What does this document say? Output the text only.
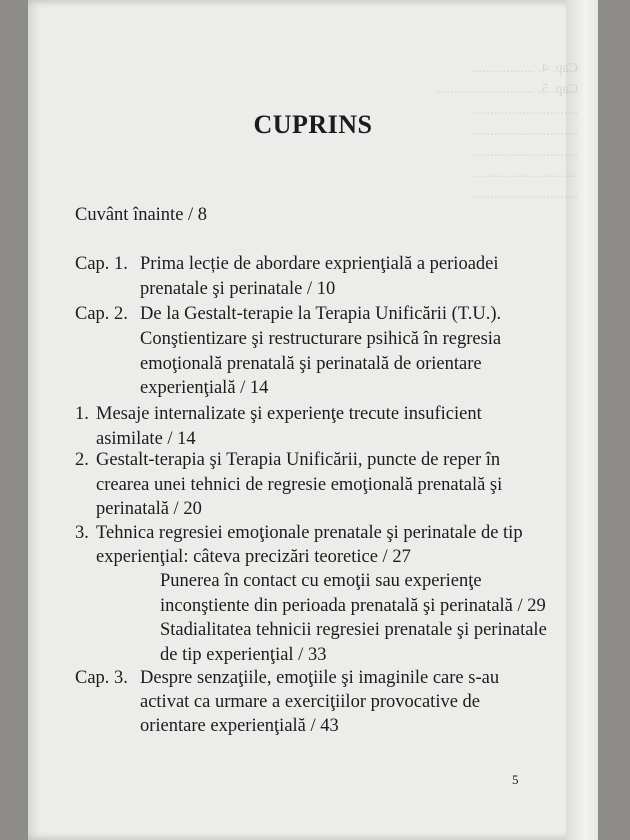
Cap. 4. ..................
Cap. 5. ............................
..............................
..............................
..............................
..............................
..............................
CUPRINS
Cuvânt înainte / 8
Cap. 1. Prima lecție de abordare exprienţială a perioadei
prenatale şi perinatale / 10
Cap. 2. De la Gestalt-terapie la Terapia Unificării (T.U.).
Conştientizare şi restructurare psihică în regresia
emoţională prenatală şi perinatală de orientare
experienţială / 14
1. Mesaje internalizate şi experienţe trecute insuficient
asimilate / 14
2. Gestalt-terapia şi Terapia Unificării, puncte de reper în
crearea unei tehnici de regresie emoţională prenatală şi
perinatală / 20
3. Tehnica regresiei emoţionale prenatale şi perinatale de tip
experienţial: câteva precizări teoretice / 27
Punerea în contact cu emoţii sau experienţe
inconştiente din perioada prenatală şi perinatală / 29
Stadialitatea tehnicii regresiei prenatale şi perinatale
de tip experienţial / 33
Cap. 3. Despre senzaţiile, emoţiile şi imaginile care s-au
activat ca urmare a exerciţiilor provocative de
orientare experienţială / 43
5
